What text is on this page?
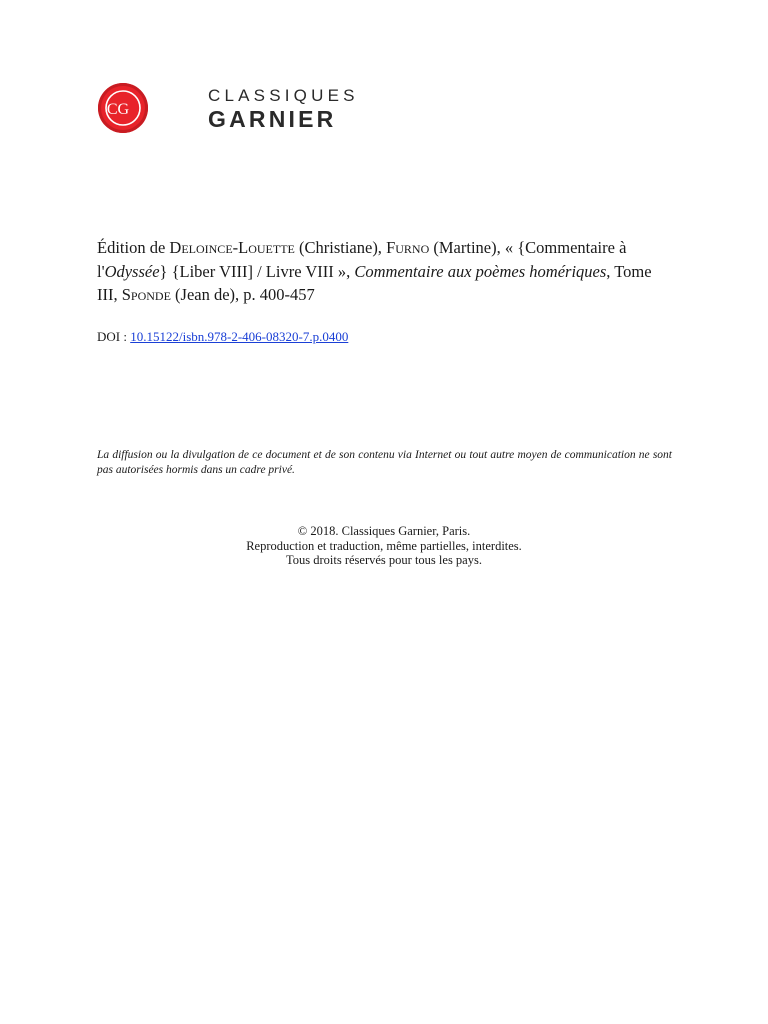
CG
CLASSIQUES
GARNIER
Édition de Deloince-Louette (Christiane), Furno (Martine), « {Commentaire à l'Odyssée} {Liber VIII] / Livre VIII », Commentaire aux poèmes homériques, Tome III, Sponde (Jean de), p. 400-457
DOI : 10.15122/isbn.978-2-406-08320-7.p.0400
La diffusion ou la divulgation de ce document et de son contenu via Internet ou tout autre moyen de communication ne sont pas autorisées hormis dans un cadre privé.
© 2018. Classiques Garnier, Paris.
Reproduction et traduction, même partielles, interdites.
Tous droits réservés pour tous les pays.
